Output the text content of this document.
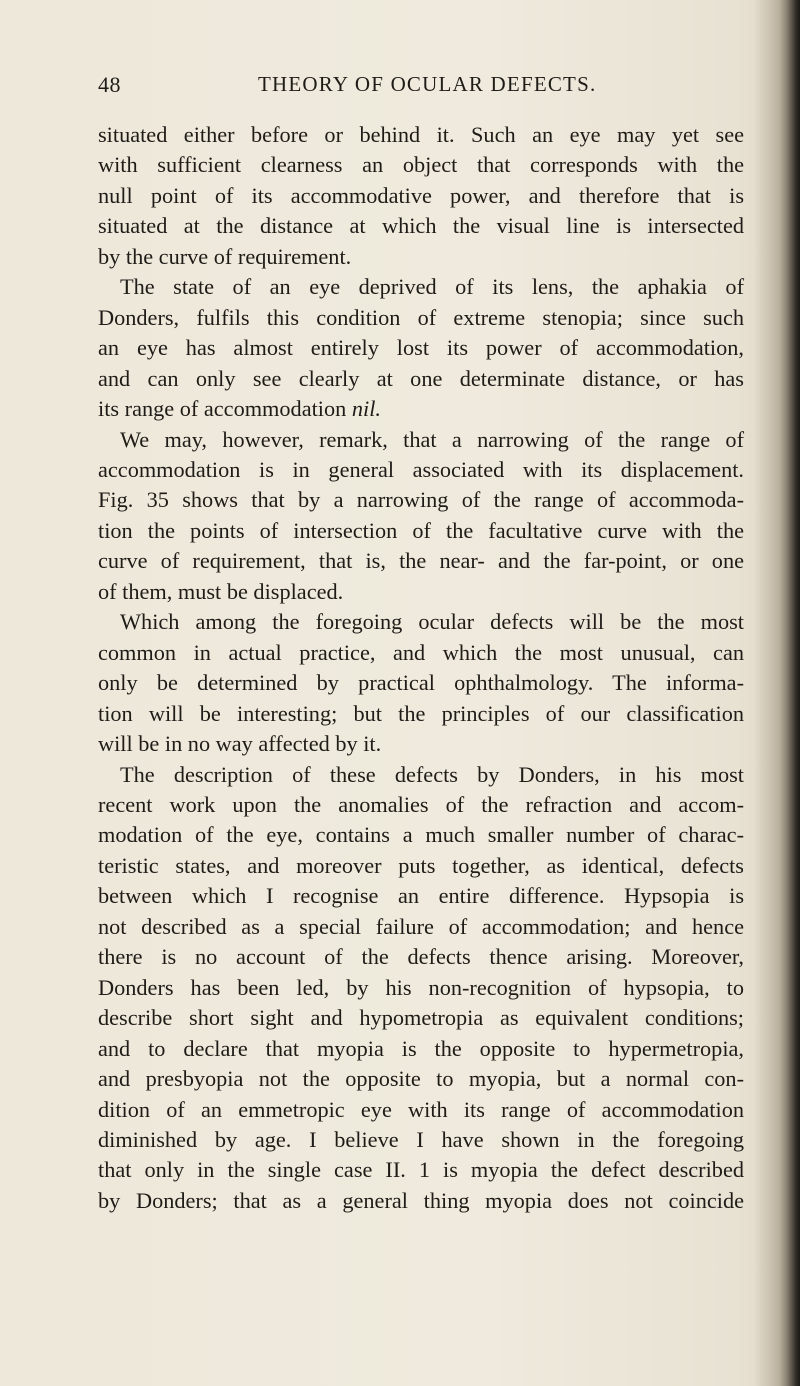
48	THEORY OF OCULAR DEFECTS.

situated either before or behind it. Such an eye may yet see

with sufficient clearness an object that corresponds with the

null point of its accommodative power, and therefore that is

situated at the distance at which the visual line is intersected

by the curve of requirement.

The state of an eye deprived of its lens, the aphakia of

Donders, fulfils this condition of extreme stenopia; since such

an eye has almost entirely lost its power of accommodation,

and can only see clearly at one determinate distance, or has

its range of accommodation nil.

We may, however, remark, that a narrowing of the range of

accommodation is in general associated with its displacement.

Fig. 35 shows that by a narrowing of the range of accommoda-

tion the points of intersection of the facultative curve with the

curve of requirement, that is, the near- and the far-point, or one

of them, must be displaced.

Which among the foregoing ocular defects will be the most

common in actual practice, and which the most unusual, can

only be determined by practical ophthalmology. The informa-

tion will be interesting; but the principles of our classification

will be in no way affected by it.

The description of these defects by Donders, in his most

recent work upon the anomalies of the refraction and accom-

modation of the eye, contains a much smaller number of charac-

teristic states, and moreover puts together, as identical, defects

between which I recognise an entire difference. Hypsopia is

not described as a special failure of accommodation; and hence

there is no account of the defects thence arising. Moreover,

Donders has been led, by his non-recognition of hypsopia, to

describe short sight and hypometropia as equivalent conditions;

and to declare that myopia is the opposite to hypermetropia,

and presbyopia not the opposite to myopia, but a normal con-

dition of an emmetropic eye with its range of accommodation

diminished by age. I believe I have shown in the foregoing

that only in the single case II. 1 is myopia the defect described

by Donders; that as a general thing myopia does not coincide
